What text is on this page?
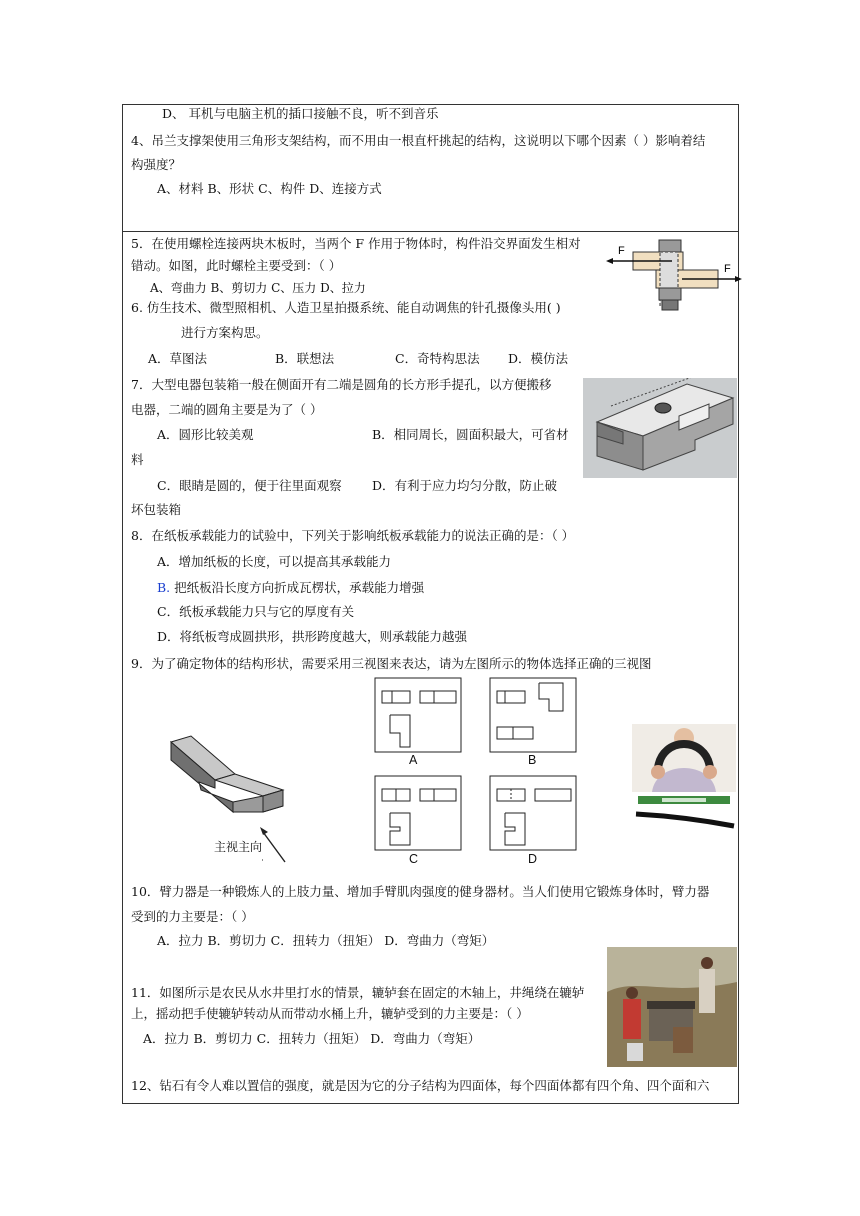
D、 耳机与电脑主机的插口接触不良，听不到音乐
4、吊兰支撑架使用三角形支架结构，而不用由一根直杆挑起的结构，这说明以下哪个因素（ ）影响着结
构强度？
A、材料 B、形状 C、构件 D、连接方式
5．在使用螺栓连接两块木板时，当两个 F 作用于物体时，构件沿交界面发生相对
错动。如图，此时螺栓主要受到：（ ）
A、弯曲力 B、剪切力 C、压力 D、拉力
F
F
6. 仿生技术、微型照相机、人造卫星拍摄系统、能自动调焦的针孔摄像头用( )
进行方案构思。
A．草图法	B．联想法	C．奇特构思法 D．模仿法
7．大型电器包装箱一般在侧面开有二端是圆角的长方形手提孔，以方便搬移
电器，二端的圆角主要是为了（ ）
A．圆形比较美观	B．相同周长，圆面积最大，可省材
料
C．眼睛是圆的，便于往里面观察 D．有利于应力均匀分散，防止破
坏包装箱
8．在纸板承载能力的试验中，下列关于影响纸板承载能力的说法正确的是：（ ）
A．增加纸板的长度，可以提高其承载能力
B. 把纸板沿长度方向折成瓦楞状，承载能力增强
C．纸板承载能力只与它的厚度有关
D．将纸板弯成圆拱形，拱形跨度越大，则承载能力越强
9．为了确定物体的结构形状，需要采用三视图来表达，请为左图所示的物体选择正确的三视图
主视主向
A	B
C	D
10．臂力器是一种锻炼人的上肢力量、增加手臂肌肉强度的健身器材。当人们使用它锻炼身体时，臂力器
受到的力主要是：（ ）
A．拉力 B．剪切力 C．扭转力（扭矩） D．弯曲力（弯矩）
11．如图所示是农民从水井里打水的情景，辘轳套在固定的木轴上，井绳绕在辘轳
上，摇动把手使辘轳转动从而带动水桶上升，辘轳受到的力主要是：（ ）
A．拉力 B．剪切力 C．扭转力（扭矩） D．弯曲力（弯矩）
12、钻石有令人难以置信的强度，就是因为它的分子结构为四面体，每个四面体都有四个角、四个面和六
